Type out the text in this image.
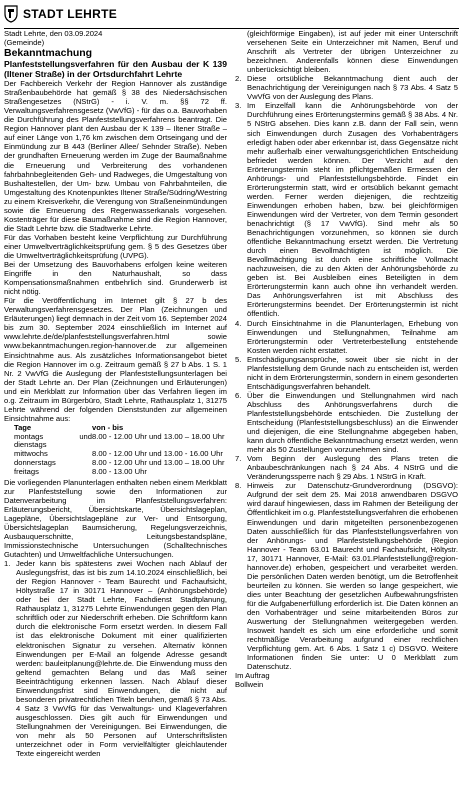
STADT LEHRTE

Stadt Lehrte, den 03.09.2024

(Gemeinde)

Bekanntmachung

Planfeststellungsverfahren für den Ausbau der K 139 (Iltener Straße) in der Ortsdurchfahrt Lehrte

Der Fachbereich Verkehr der Region Hannover als zuständige Straßenbaubehörde hat gemäß § 38 des Niedersächsischen Straßengesetzes (NStrG) - i. V. m. §§ 72 ff. Verwaltungsverfahrensgesetz (VwVfG) - für das o.a. Bauvorhaben die Durchführung des Planfeststellungsverfahrens beantragt. Die Region Hannover plant den Ausbau der K 139 – Iltener Straße – auf einer Länge von 1,76 km zwischen dem Ortseingang und der Einmündung zur B 443 (Berliner Allee/ Sehnder Straße). Neben der grundhaften Erneuerung werden im Zuge der Baumaßnahme die Erneuerung und Verbreiterung des vorhandenen fahrbahnbegleitenden Geh- und Radweges, die Umgestaltung von Bushaltestellen, der Um- bzw. Umbau von Fahrbahnteilen, die Umgestaltung des Knotenpunktes Iltener Straße/Südring/Westring zu einem Kreisverkehr, die Verengung von Straßeneinmündungen sowie die Erneuerung des Regenwasserkanals vorgesehen. Kostenträger für diese Baumaßnahme sind die Region Hannover, die Stadt Lehrte bzw. die Stadtwerke Lehrte.

Für das Vorhaben besteht keine Verpflichtung zur Durchführung einer Umweltverträglichkeitsprüfung gem. § 5 des Gesetzes über die Umweltverträglichkeitsprüfung (UVPG).

Bei der Umsetzung des Bauvorhabens erfolgen keine weiteren Eingriffe in den Naturhaushalt, so dass Kompensationsmaßnahmen entbehrlich sind. Grunderwerb ist nicht nötig.

Für die Veröffentlichung im Internet gilt § 27 b des Verwaltungsverfahrensgesetzes. Der Plan (Zeichnungen und Erläuterungen) liegt demnach in der Zeit vom 16. September 2024 bis zum 30. September 2024 einschließlich im Internet auf www.lehrte.de/de/planfeststellungsverfahren.html sowie www.bekanntmachungen.region-hannover.de zur allgemeinen Einsichtnahme aus. Als zusätzliches Informationsangebot bietet die Region Hannover im o.g. Zeitraum gemäß § 27 b Abs. 1 S. 1 Nr. 2 VwVfG die Auslegung der Planfeststellungsunterlagen bei der Stadt Lehrte an. Der Plan (Zeichnungen und Erläuterungen) und ein Merkblatt zur Information über das Verfahren liegen im o.g. Zeitraum im Bürgerbüro, Stadt Lehrte, Rathausplatz 1, 31275 Lehrte während der folgenden Dienststunden zur allgemeinen Einsichtnahme aus:

Tage	von - bis
montags und dienstags	8.00 - 12.00 Uhr und 13.00 – 18.00 Uhr
mittwochs	8.00 - 12.00 Uhr und 13.00 - 16.00 Uhr
donnerstags	8.00 - 12.00 Uhr und 13.00 – 18.00 Uhr
freitags	8.00 - 13.00 Uhr

Die vorliegenden Planunterlagen enthalten neben einem Merkblatt zur Planfeststellung sowie den Informationen zur Datenverarbeitung im Planfeststellungsverfahren: Erläuterungsbericht, Übersichtskarte, Übersichtslageplan, Lagepläne, Übersichtslagepläne zur Ver- und Entsorgung, Übersichtslageplan Baumsicherung, Regelungsverzeichnis, Ausbauquerschnitte, Leitungsbestandspläne, Immissionstechnische Untersuchungen (Schalltechnisches Gutachten) und Umweltfachliche Untersuchungen.

1. Jeder kann bis spätestens zwei Wochen nach Ablauf der Auslegungsfrist, das ist bis zum 14.10.2024 einschließlich, bei der Region Hannover - Team Baurecht und Fachaufsicht, Höltystraße 17 in 30171 Hannover – (Anhörungsbehörde) oder bei der Stadt Lehrte, Fachdienst Stadtplanung, Rathausplatz 1, 31275 Lehrte Einwendungen gegen den Plan schriftlich oder zur Niederschrift erheben. Die Schriftform kann durch die elektronische Form ersetzt werden. In diesem Fall ist das elektronische Dokument mit einer qualifizierten elektronischen Signatur zu versehen. Alternativ können Einwendungen per E-Mail an folgende Adresse gesandt werden: bauleitplanung@lehrte.de. Die Einwendung muss den geltend gemachten Belang und das Maß seiner Beeinträchtigung erkennen lassen. Nach Ablauf dieser Einwendungsfrist sind Einwendungen, die nicht auf besonderen privatrechtlichen Titeln beruhen, gemäß § 73 Abs. 4 Satz 3 VwVfG für das Verwaltungs- und Klageverfahren ausgeschlossen. Dies gilt auch für Einwendungen und Stellungnahmen der Vereinigungen. Bei Einwendungen, die von mehr als 50 Personen auf Unterschriftslisten unterzeichnet oder in Form vervielfältigter gleichlautender Texte eingereicht werden
(gleichförmige Eingaben), ist auf jeder mit einer Unterschrift versehenen Seite ein Unterzeichner mit Namen, Beruf und Anschrift als Vertreter der übrigen Unterzeichner zu bezeichnen. Anderenfalls können diese Einwendungen unberücksichtigt bleiben.
2. Diese ortsübliche Bekanntmachung dient auch der Benachrichtigung der Vereinigungen nach § 73 Abs. 4 Satz 5 VwVfG von der Auslegung des Plans.
3. Im Einzelfall kann die Anhörungsbehörde von der Durchführung eines Erörterungstermins gemäß § 38 Abs. 4 Nr. 5 NStrG absehen. Dies kann z.B. dann der Fall sein, wenn sich Einwendungen durch Zusagen des Vorhabenträgers erledigt haben oder aber erkennbar ist, dass Gegensätze nicht mehr außerhalb einer verwaltungsgerichtlichen Entscheidung befriedet werden können. Der Verzicht auf den Erörterungstermin steht im pflichtgemäßen Ermessen der Anhörungs- und Planfeststellungsbehörde. Findet ein Erörterungstermin statt, wird er ortsüblich bekannt gemacht werden. Ferner werden diejenigen, die rechtzeitig Einwendungen erhoben haben, bzw. bei gleichförmigen Einwendungen wird der Vertreter, von dem Termin gesondert benachrichtigt (§ 17 VwVfG). Sind mehr als 50 Benachrichtigungen vorzunehmen, so können sie durch öffentliche Bekanntmachung ersetzt werden. Die Vertretung durch einen Bevollmächtigten ist möglich. Die Bevollmächtigung ist durch eine schriftliche Vollmacht nachzuweisen, die zu den Akten der Anhörungsbehörde zu geben ist. Bei Ausbleiben eines Beteiligten in dem Erörterungstermin kann auch ohne ihn verhandelt werden. Das Anhörungsverfahren ist mit Abschluss des Erörterungstermins beendet. Der Erörterungstermin ist nicht öffentlich.
4. Durch Einsichtnahme in die Planunterlagen, Erhebung von Einwendungen und Stellungnahmen, Teilnahme am Erörterungstermin oder Vertreterbestellung entstehende Kosten werden nicht erstattet.
5. Entschädigungsansprüche, soweit über sie nicht in der Planfeststellung dem Grunde nach zu entscheiden ist, werden nicht in dem Erörterungstermin, sondern in einem gesonderten Entschädigungsverfahren behandelt.
6. Über die Einwendungen und Stellungnahmen wird nach Abschluss des Anhörungsverfahrens durch die Planfeststellungsbehörde entschieden. Die Zustellung der Entscheidung (Planfeststellungsbeschluss) an die Einwender und diejenigen, die eine Stellungnahme abgegeben haben, kann durch öffentliche Bekanntmachung ersetzt werden, wenn mehr als 50 Zustellungen vorzunehmen sind.
7. Vom Beginn der Auslegung des Plans treten die Anbaubeschränkungen nach § 24 Abs. 4 NStrG und die Veränderungssperre nach § 29 Abs. 1 NStrG in Kraft.
8. Hinweis zur Datenschutz-Grundverordnung (DSGVO): Aufgrund der seit dem 25. Mai 2018 anwendbaren DSGVO wird darauf hingewiesen, dass im Rahmen der Beteiligung der Öffentlichkeit im o.g. Planfeststellungsverfahren die erhobenen Einwendungen und darin mitgeteilten personenbezogenen Daten ausschließlich für das Planfeststellungsverfahren von der Anhörungs- und Planfeststellungsbehörde (Region Hannover - Team 63.01 Baurecht und Fachaufsicht, Höltystr. 17, 30171 Hannover, E-Mail: 63.01.Planfeststellung@region-hannover.de) erhoben, gespeichert und verarbeitet werden. Die persönlichen Daten werden benötigt, um die Betroffenheit beurteilen zu können. Sie werden so lange gespeichert, wie dies unter Beachtung der gesetzlichen Aufbewahrungsfristen für die Aufgabenerfüllung erforderlich ist. Die Daten können an den Vorhabenträger und seine mitarbeitenden Büros zur Auswertung der Stellungnahmen weitergegeben werden. Insoweit handelt es sich um eine erforderliche und somit rechtmäßige Verarbeitung aufgrund einer rechtlichen Verpflichtung gem. Art. 6 Abs. 1 Satz 1 c) DSGVO. Weitere Informationen finden Sie unter: U 0 Merkblatt zum Datenschutz.

Im Auftrag

Bollwein
